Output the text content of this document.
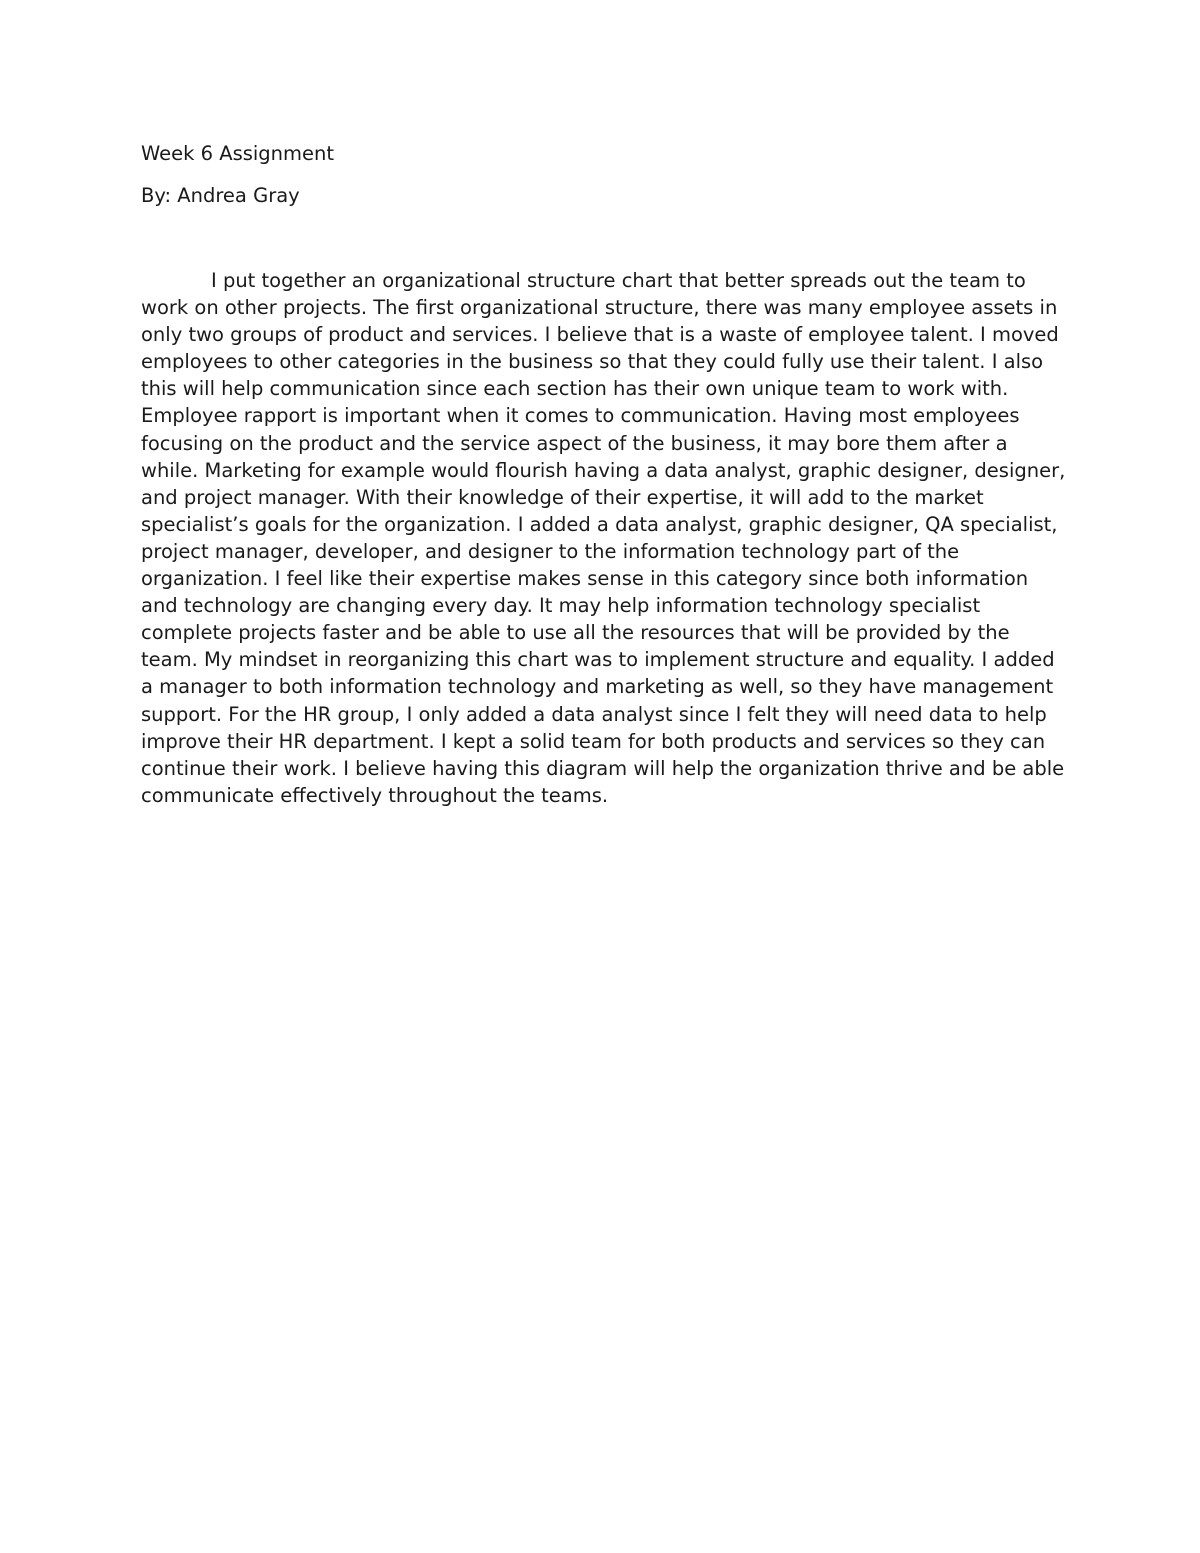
Week 6 Assignment

By: Andrea Gray

I put together an organizational structure chart that better spreads out the team to work on other projects. The first organizational structure, there was many employee assets in only two groups of product and services. I believe that is a waste of employee talent. I moved employees to other categories in the business so that they could fully use their talent. I also this will help communication since each section has their own unique team to work with. Employee rapport is important when it comes to communication. Having most employees focusing on the product and the service aspect of the business, it may bore them after a while. Marketing for example would flourish having a data analyst, graphic designer, designer, and project manager. With their knowledge of their expertise, it will add to the market specialist’s goals for the organization. I added a data analyst, graphic designer, QA specialist, project manager, developer, and designer to the information technology part of the organization. I feel like their expertise makes sense in this category since both information and technology are changing every day. It may help information technology specialist complete projects faster and be able to use all the resources that will be provided by the team. My mindset in reorganizing this chart was to implement structure and equality. I added a manager to both information technology and marketing as well, so they have management support. For the HR group, I only added a data analyst since I felt they will need data to help improve their HR department. I kept a solid team for both products and services so they can continue their work. I believe having this diagram will help the organization thrive and be able communicate effectively throughout the teams.
